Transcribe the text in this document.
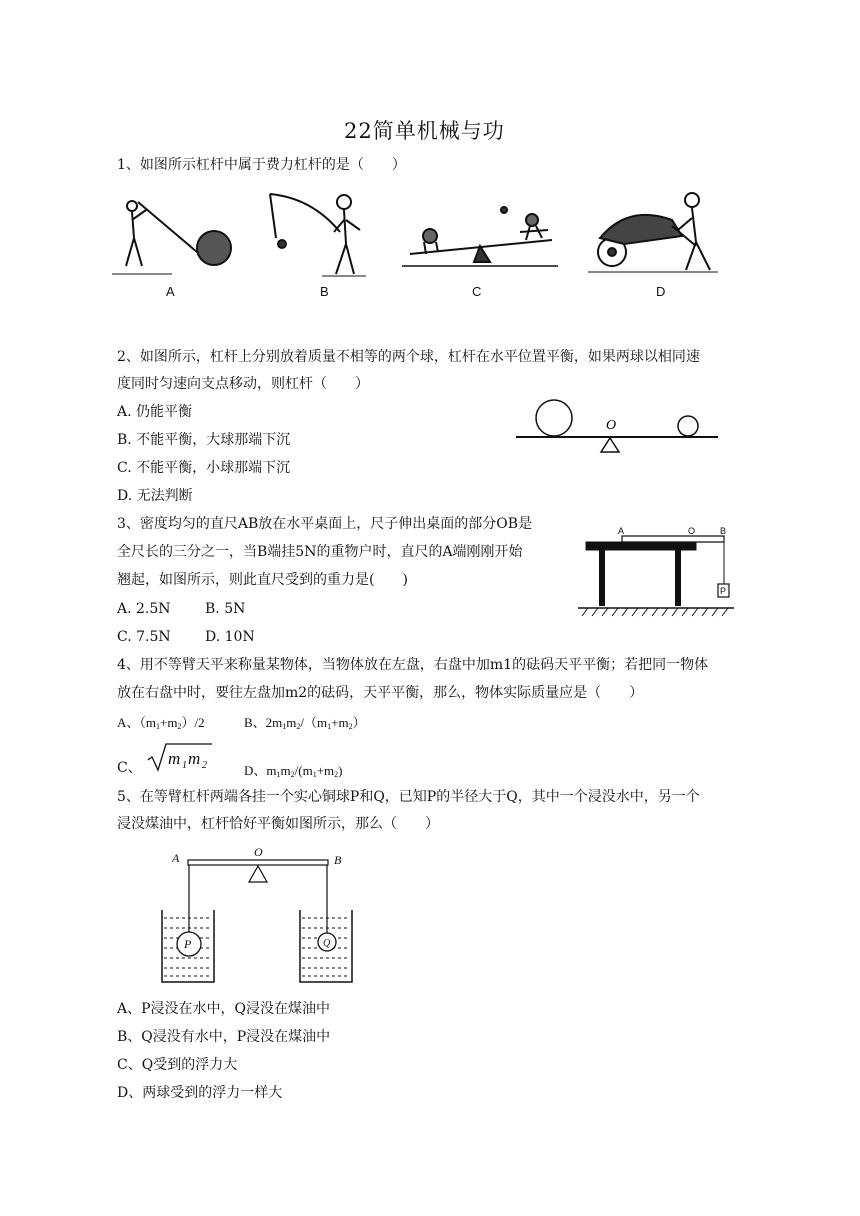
22简单机械与功
1、如图所示杠杆中属于费力杠杆的是（　　）
A	B	C	D
2、如图所示，杠杆上分别放着质量不相等的两个球，杠杆在水平位置平衡，如果两球以相同速
度同时匀速向支点移动，则杠杆（　　）
A. 仍能平衡
B. 不能平衡，大球那端下沉
C. 不能平衡，小球那端下沉
D. 无法判断
O
3、密度均匀的直尺AB放在水平桌面上，尺子伸出桌面的部分OB是
全尺长的三分之一，当B端挂5N的重物户时，直尺的A端刚刚开始
翘起，如图所示，则此直尺受到的重力是(　　)
A. 2.5N B. 5N
C. 7.5N D. 10N
A	O	B
P
4、用不等臂天平来称量某物体，当物体放在左盘，右盘中加m1的砝码天平平衡；若把同一物体
放在右盘中时，要往左盘加m2的砝码，天平平衡，那么，物体实际质量应是（　　）
A、$(m_1+m_2)/2$	B、$2m_1m_2/(m_1+m_2)$
C、 m 1 m 2	D、$m_1m_2/(m_1+m_2)$
5、在等臂杠杆两端各挂一个实心铜球P和Q，已知P的半径大于Q，其中一个浸没水中，另一个
浸没煤油中，杠杆恰好平衡如图所示，那么（　　）
A	O
B
P	Q
A、P浸没在水中，Q浸没在煤油中
B、Q浸没有水中，P浸没在煤油中
C、Q受到的浮力大
D、两球受到的浮力一样大
